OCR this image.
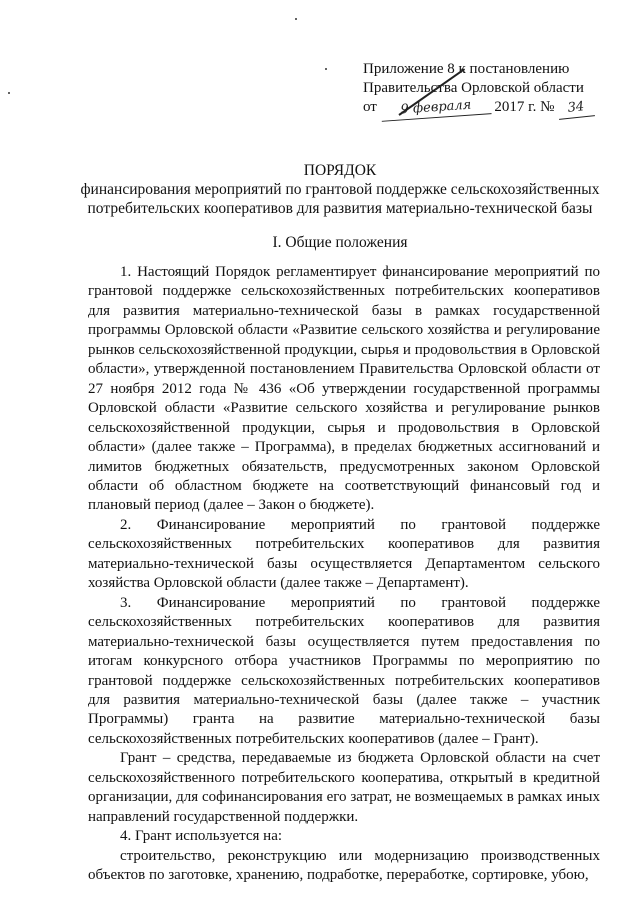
Приложение 8 к постановлению
Правительства Орловской области
от 9 февраля 2017 г. № 34
ПОРЯДОК
финансирования мероприятий по грантовой поддержке сельскохозяйственных потребительских кооперативов для развития материально-технической базы
I. Общие положения

1. Настоящий Порядок регламентирует финансирование мероприятий по грантовой поддержке сельскохозяйственных потребительских кооперативов для развития материально-технической базы в рамках государственной программы Орловской области «Развитие сельского хозяйства и регулирование рынков сельскохозяйственной продукции, сырья и продовольствия в Орловской области», утвержденной постановлением Правительства Орловской области от 27 ноября 2012 года № 436 «Об утверждении государственной программы Орловской области «Развитие сельского хозяйства и регулирование рынков сельскохозяйственной продукции, сырья и продовольствия в Орловской области» (далее также – Программа), в пределах бюджетных ассигнований и лимитов бюджетных обязательств, предусмотренных законом Орловской области об областном бюджете на соответствующий финансовый год и плановый период (далее – Закон о бюджете).

2. Финансирование мероприятий по грантовой поддержке сельскохозяйственных потребительских кооперативов для развития материально-технической базы осуществляется Департаментом сельского хозяйства Орловской области (далее также – Департамент).

3. Финансирование мероприятий по грантовой поддержке сельскохозяйственных потребительских кооперативов для развития материально-технической базы осуществляется путем предоставления по итогам конкурсного отбора участников Программы по мероприятию по грантовой поддержке сельскохозяйственных потребительских кооперативов для развития материально-технической базы (далее также – участник Программы) гранта на развитие материально-технической базы сельскохозяйственных потребительских кооперативов (далее – Грант).

Грант – средства, передаваемые из бюджета Орловской области на счет сельскохозяйственного потребительского кооператива, открытый в кредитной организации, для софинансирования его затрат, не возмещаемых в рамках иных направлений государственной поддержки.

4. Грант используется на:

строительство, реконструкцию или модернизацию производственных объектов по заготовке, хранению, подработке, переработке, сортировке, убою,
